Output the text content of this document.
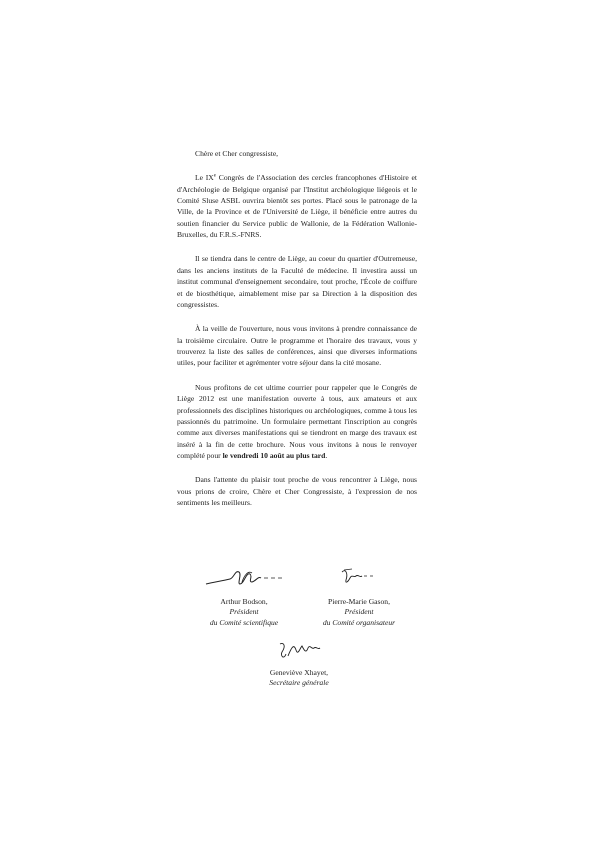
Chère et Cher congressiste,

Le IXe Congrès de l'Association des cercles francophones d'Histoire et d'Archéologie de Belgique organisé par l'Institut archéologique liégeois et le Comité Sluse ASBL ouvrira bientôt ses portes. Placé sous le patronage de la Ville, de la Province et de l'Université de Liège, il bénéficie entre autres du soutien financier du Service public de Wallonie, de la Fédération Wallonie-Bruxelles, du F.R.S.-FNRS.

Il se tiendra dans le centre de Liège, au coeur du quartier d'Outremeuse, dans les anciens instituts de la Faculté de médecine. Il investira aussi un institut communal d'enseignement secondaire, tout proche, l'École de coiffure et de biosthétique, aimablement mise par sa Direction à la disposition des congressistes.

À la veille de l'ouverture, nous vous invitons à prendre connaissance de la troisième circulaire. Outre le programme et l'horaire des travaux, vous y trouverez la liste des salles de conférences, ainsi que diverses informations utiles, pour faciliter et agrémenter votre séjour dans la cité mosane.

Nous profitons de cet ultime courrier pour rappeler que le Congrès de Liège 2012 est une manifestation ouverte à tous, aux amateurs et aux professionnels des disciplines historiques ou archéologiques, comme à tous les passionnés du patrimoine. Un formulaire permettant l'inscription au congrès comme aux diverses manifestations qui se tiendront en marge des travaux est inséré à la fin de cette brochure. Nous vous invitons à nous le renvoyer complété pour le vendredi 10 août au plus tard.

Dans l'attente du plaisir tout proche de vous rencontrer à Liège, nous vous prions de croire, Chère et Cher Congressiste, à l'expression de nos sentiments les meilleurs.

Arthur Bodson,
Président
du Comité scientifique
Pierre-Marie Gason,
Président
du Comité organisateur
Geneviève Xhayet,
Secrétaire générale
